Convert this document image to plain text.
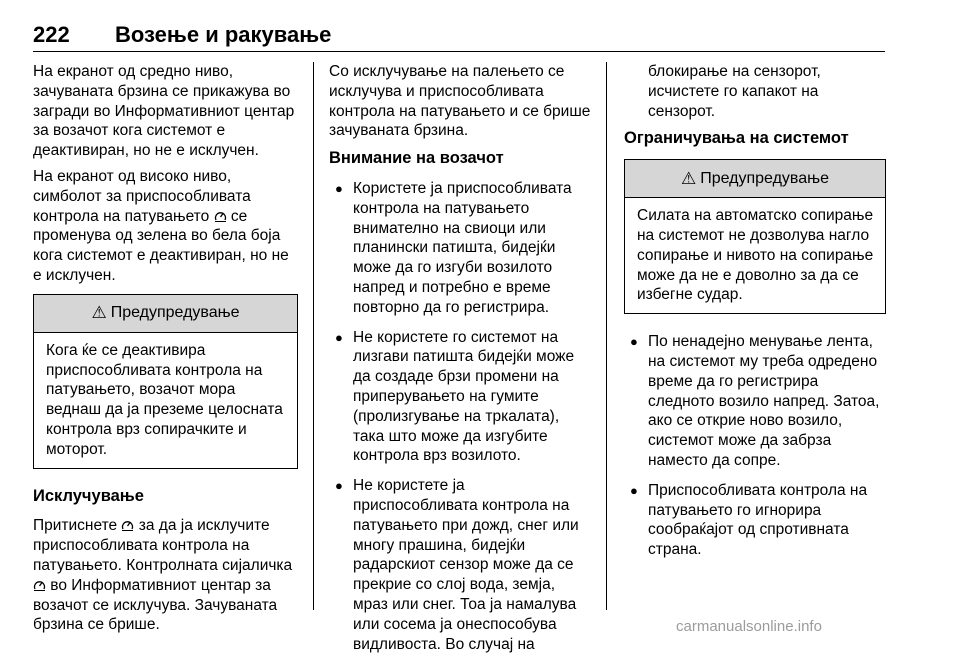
222 Возење и ракување

На екранот од средно ниво, зачуваната брзина се прикажува во загради во Информативниот центар за возачот кога системот е деактивиран, но не е исклучен.

На екранот од високо ниво, симболот за приспособливата контрола на патувањето  се променува од зелена во бела боја кога системот е деактивиран, но не е исклучен.

⚠ Предупредување
Кога ќе се деактивира приспособливата контрола на патувањето, возачот мора веднаш да ја преземе целосната контрола врз сопирачките и моторот.
Исклучување

Притиснете  за да ја исклучите приспособливата контрола на патувањето. Контролната сијаличка  во Информативниот центар за возачот се исклучува. Зачуваната брзина се брише.

Со исклучување на палењето се исклучува и приспособливата контрола на патувањето и се брише зачуваната брзина.

Внимание на возачот
● Користете ја приспособливата контрола на патувањето внимателно на свиоци или планински патишта, бидејќи може да го изгуби возилото напред и потребно е време повторно да го регистрира.
● Не користете го системот на лизгави патишта бидејќи може да создаде брзи промени на приперувањето на гумите (пролизгување на тркалата), така што може да изгубите контрола врз возилото.
● Не користете ја приспособливата контрола на патувањето при дожд, снег или многу прашина, бидејќи радарскиот сензор може да се прекрие со слој вода, земја, мраз или снег. Тоа ја намалува или сосема ја онеспособува видливоста. Во случај на

блокирање на сензорот, исчистете го капакот на сензорот.

Ограничувања на системот
⚠ Предупредување
Силата на автоматско сопирање на системот не дозволува нагло сопирање и нивото на сопирање може да не е доволно за да се избегне судар.
● По ненадејно менување лента, на системот му треба одредено време да го регистрира следното возило напред. Затоа, ако се открие ново возило, системот може да забрза наместо да сопре.
● Приспособливата контрола на патувањето го игнорира сообраќајот од спротивната страна.
carmanualsonline.info
